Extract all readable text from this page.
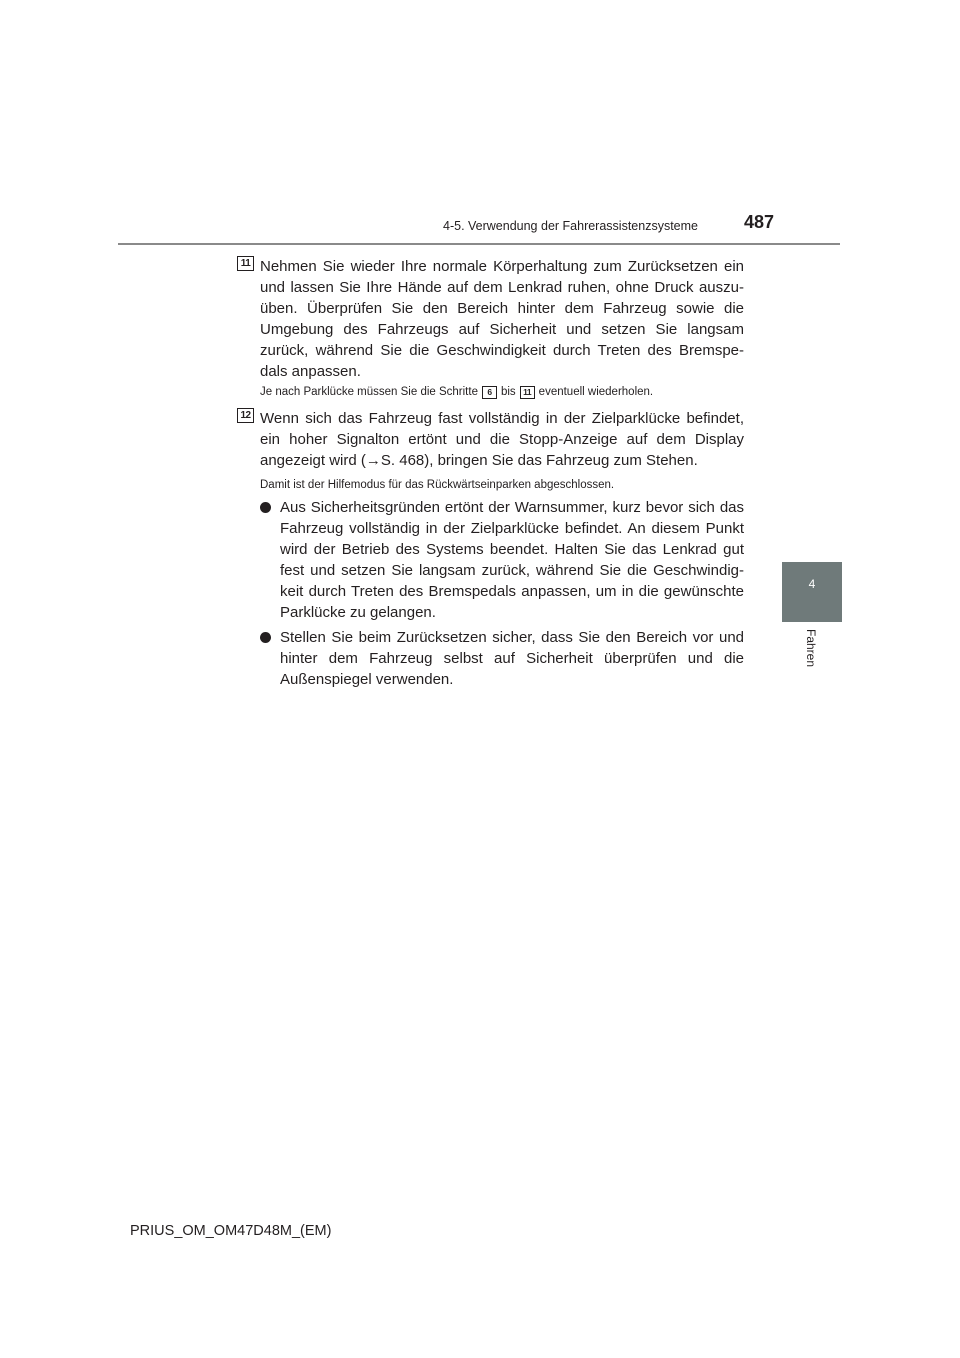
4-5. Verwendung der Fahrerassistenzsysteme	487
4
Fahren
11 Nehmen Sie wieder Ihre normale Körperhaltung zum Zurücksetzen ein und lassen Sie Ihre Hände auf dem Lenkrad ruhen, ohne Druck auszu-üben. Überprüfen Sie den Bereich hinter dem Fahrzeug sowie die Umgebung des Fahrzeugs auf Sicherheit und setzen Sie langsam zurück, während Sie die Geschwindigkeit durch Treten des Bremspe-dals anpassen.
Je nach Parklücke müssen Sie die Schritte 6 bis 11 eventuell wiederholen.
12 Wenn sich das Fahrzeug fast vollständig in der Zielparklücke befindet, ein hoher Signalton ertönt und die Stopp-Anzeige auf dem Display angezeigt wird (→S. 468), bringen Sie das Fahrzeug zum Stehen.
Damit ist der Hilfemodus für das Rückwärtseinparken abgeschlossen.
Aus Sicherheitsgründen ertönt der Warnsummer, kurz bevor sich das Fahrzeug vollständig in der Zielparklücke befindet. An diesem Punkt wird der Betrieb des Systems beendet. Halten Sie das Lenkrad gut fest und setzen Sie langsam zurück, während Sie die Geschwindig-keit durch Treten des Bremspedals anpassen, um in die gewünschte Parklücke zu gelangen.
Stellen Sie beim Zurücksetzen sicher, dass Sie den Bereich vor und hinter dem Fahrzeug selbst auf Sicherheit überprüfen und die Außenspiegel verwenden.
PRIUS_OM_OM47D48M_(EM)
